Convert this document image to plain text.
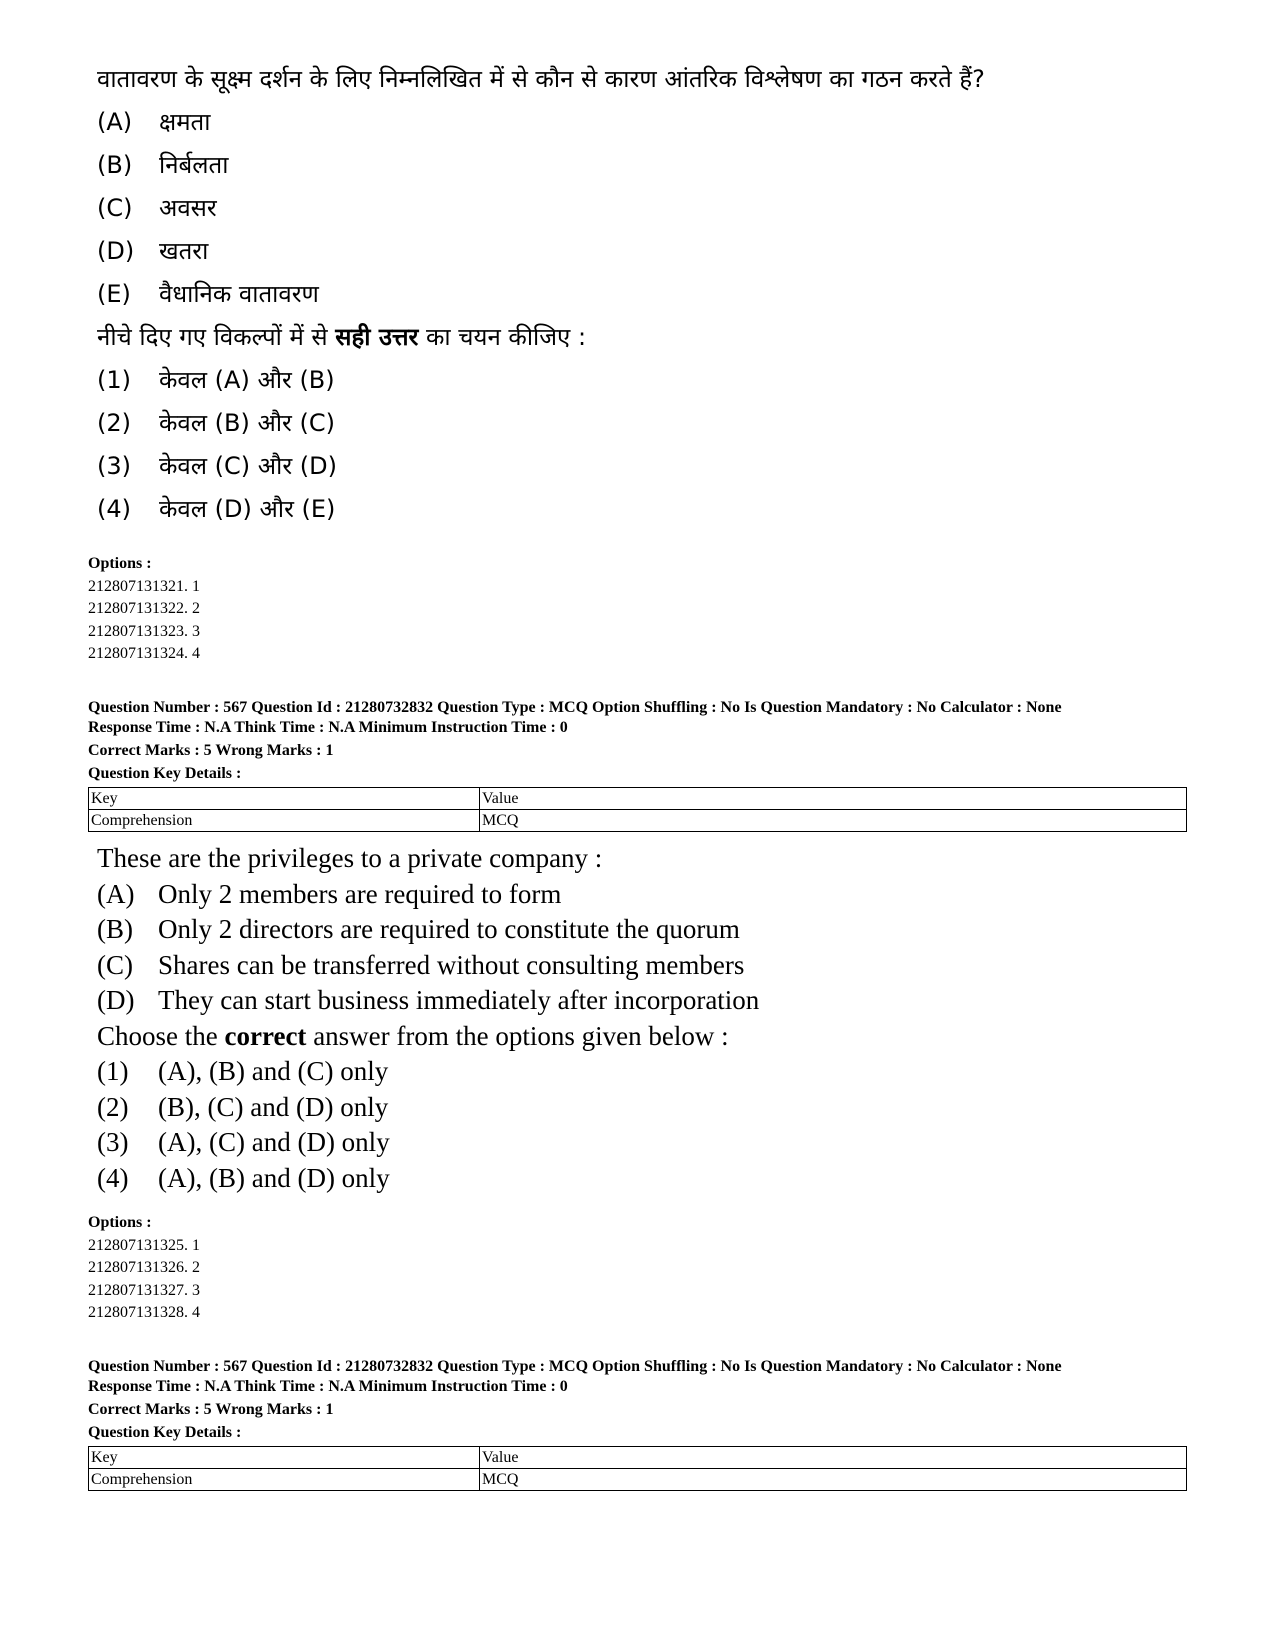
वातावरण के सूक्ष्म दर्शन के लिए निम्नलिखित में से कौन से कारण आंतरिक विश्लेषण का गठन करते हैं?
(A)	क्षमता
(B)	निर्बलता
(C)	अवसर
(D)	खतरा
(E)	वैधानिक वातावरण
नीचे दिए गए विकल्पों में से सही उत्तर का चयन कीजिए :
(1)	केवल (A) और (B)
(2)	केवल (B) और (C)
(3)	केवल (C) और (D)
(4)	केवल (D) और (E)
Options :
212807131321. 1
212807131322. 2
212807131323. 3
212807131324. 4
Question Number : 567 Question Id : 21280732832 Question Type : MCQ Option Shuffling : No Is Question Mandatory : No Calculator : None
Response Time : N.A Think Time : N.A Minimum Instruction Time : 0
Correct Marks : 5 Wrong Marks : 1
Question Key Details :
Key	Value
Comprehension	MCQ
These are the privileges to a private company :
(A) Only 2 members are required to form
(B) Only 2 directors are required to constitute the quorum
(C) Shares can be transferred without consulting members
(D) They can start business immediately after incorporation
Choose the correct answer from the options given below :
(1)	(A), (B) and (C) only
(2)	(B), (C) and (D) only
(3)	(A), (C) and (D) only
(4)	(A), (B) and (D) only
Options :
212807131325. 1
212807131326. 2
212807131327. 3
212807131328. 4
Question Number : 567 Question Id : 21280732832 Question Type : MCQ Option Shuffling : No Is Question Mandatory : No Calculator : None
Response Time : N.A Think Time : N.A Minimum Instruction Time : 0
Correct Marks : 5 Wrong Marks : 1
Question Key Details :
Key	Value
Comprehension	MCQ
